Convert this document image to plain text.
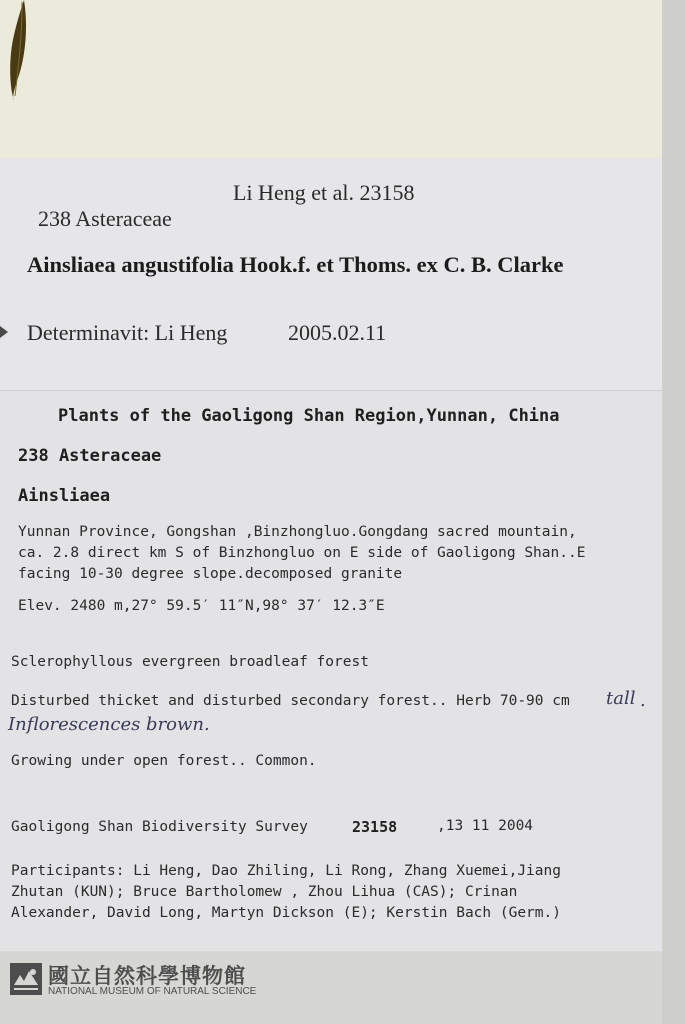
238 Asteraceae

Li Heng et al. 23158

Ainsliaea angustifolia Hook.f. et Thoms. ex C. B. Clarke
Determinavit: Li Heng	2005.02.11
Plants of the Gaoligong Shan Region,Yunnan, China
238 Asteraceae
Ainsliaea
Yunnan Province, Gongshan ,Binzhongluo.Gongdang sacred mountain,
ca. 2.8 direct km S of Binzhongluo on E side of Gaoligong Shan..E
facing 10-30 degree slope.decomposed granite
Elev. 2480 m,27° 59.5′ 11″N,98° 37′ 12.3″E
Sclerophyllous evergreen broadleaf forest
Disturbed thicket and disturbed secondary forest.. Herb 70-90 cm tall .
Inflorescences brown.
Growing under open forest.. Common.
Gaoligong Shan Biodiversity Survey	23158	,13 11 2004
Participants: Li Heng, Dao Zhiling, Li Rong, Zhang Xuemei,Jiang
Zhutan (KUN); Bruce Bartholomew , Zhou Lihua (CAS); Crinan
Alexander, David Long, Martyn Dickson (E); Kerstin Bach (Germ.)
國立自然科學博物館
NATIONAL MUSEUM OF NATURAL SCIENCE
